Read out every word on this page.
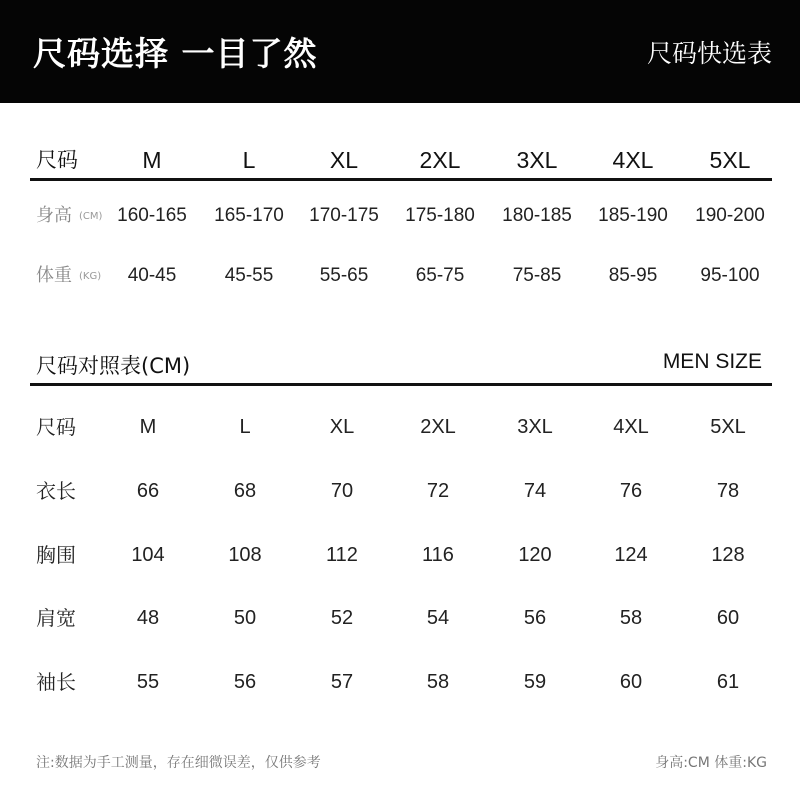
尺码选择 一目了然	尺码快选表
尺码	M	L	XL	2XL	3XL	4XL	5XL
身高 (CM) 160-165	165-170	170-175	175-180	180-185	185-190	190-200
体重 (KG)	40-45	45-55	55-65	65-75	75-85	85-95	95-100
尺码对照表(CM)	MEN SIZE
尺码	M	L	XL	2XL	3XL	4XL	5XL
衣长	66	68	70	72	74	76	78
胸围	104	108	112	116	120	124	128
肩宽	48	50	52	54	56	58	60
袖长	55	56	57	58	59	60	61
注:数据为手工测量，存在细微误差，仅供参考	身高:CM 体重:KG
